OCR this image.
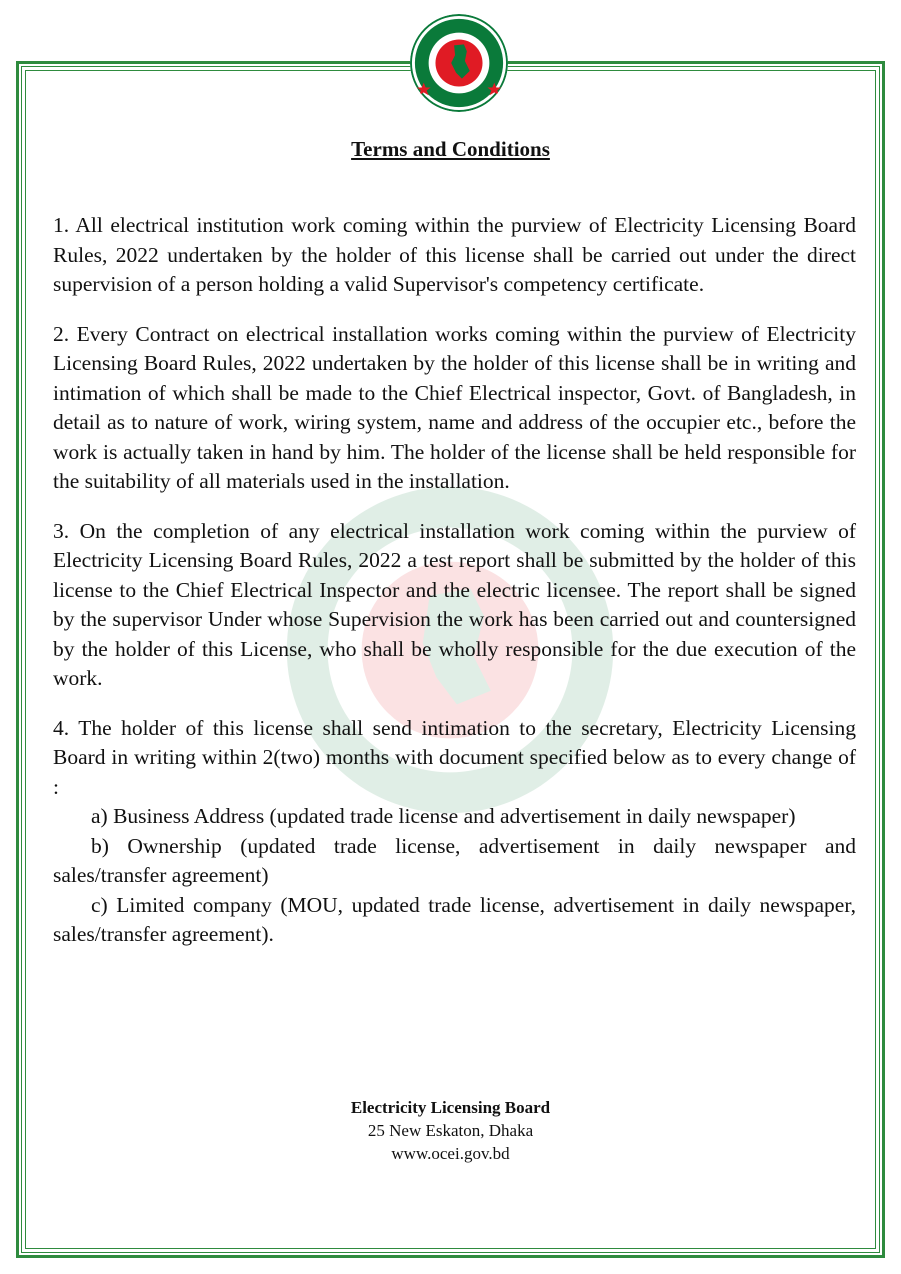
Terms and Conditions

1. All electrical institution work coming within the purview of Electricity Licensing Board Rules, 2022 undertaken by the holder of this license shall be carried out under the direct supervision of a person holding a valid Supervisor's competency certificate.

2. Every Contract on electrical installation works coming within the purview of Electricity Licensing Board Rules, 2022 undertaken by the holder of this license shall be in writing and intimation of which shall be made to the Chief Electrical inspector, Govt. of Bangladesh, in detail as to nature of work, wiring system, name and address of the occupier etc., before the work is actually taken in hand by him. The holder of the license shall be held responsible for the suitability of all materials used in the installation.

3. On the completion of any electrical installation work coming within the purview of Electricity Licensing Board Rules, 2022 a test report shall be submitted by the holder of this license to the Chief Electrical Inspector and the electric licensee. The report shall be signed by the supervisor Under whose Supervision the work has been carried out and countersigned by the holder of this License, who shall be wholly responsible for the due execution of the work.

4. The holder of this license shall send intimation to the secretary, Electricity Licensing Board in writing within 2(two) months with document specified below as to every change of :

a) Business Address (updated trade license and advertisement in daily newspaper)

b) Ownership (updated trade license, advertisement in daily newspaper and sales/transfer agreement)

c) Limited company (MOU, updated trade license, advertisement in daily newspaper, sales/transfer agreement).

Electricity Licensing Board
25 New Eskaton, Dhaka
www.ocei.gov.bd
